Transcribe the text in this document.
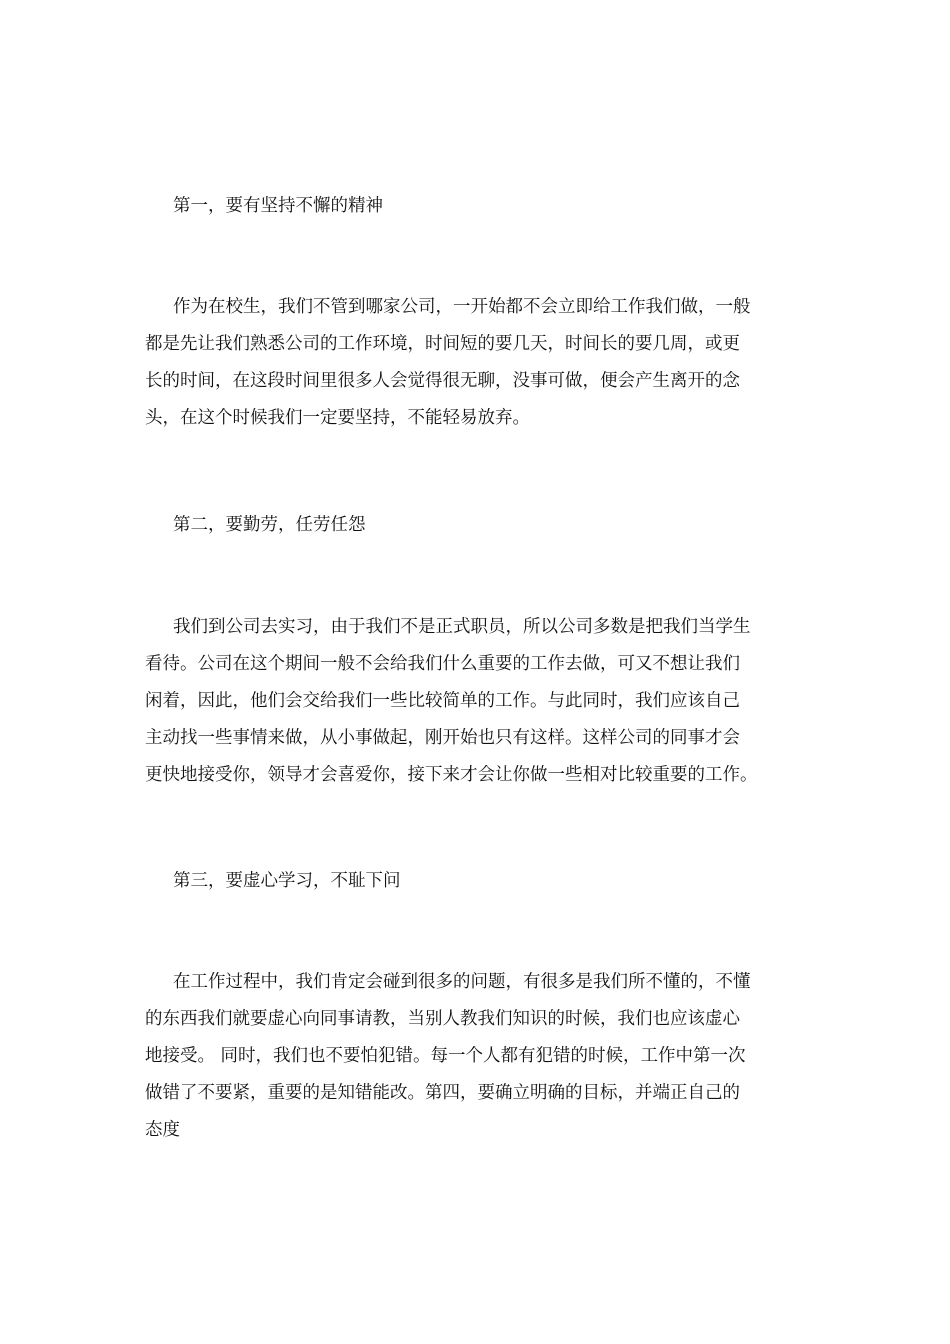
第一，要有坚持不懈的精神
作为在校生，我们不管到哪家公司，一开始都不会立即给工作我们做，一般
都是先让我们熟悉公司的工作环境，时间短的要几天，时间长的要几周，或更
长的时间，在这段时间里很多人会觉得很无聊，没事可做，便会产生离开的念
头，在这个时候我们一定要坚持，不能轻易放弃。
第二，要勤劳，任劳任怨
我们到公司去实习，由于我们不是正式职员，所以公司多数是把我们当学生
看待。公司在这个期间一般不会给我们什么重要的工作去做，可又不想让我们
闲着，因此，他们会交给我们一些比较简单的工作。与此同时，我们应该自己
主动找一些事情来做，从小事做起，刚开始也只有这样。这样公司的同事才会
更快地接受你，领导才会喜爱你，接下来才会让你做一些相对比较重要的工作。
第三，要虚心学习，不耻下问
在工作过程中，我们肯定会碰到很多的问题，有很多是我们所不懂的，不懂
的东西我们就要虚心向同事请教，当别人教我们知识的时候，我们也应该虚心
地接受。 同时，我们也不要怕犯错。每一个人都有犯错的时候，工作中第一次
做错了不要紧，重要的是知错能改。第四，要确立明确的目标，并端正自己的
态度
